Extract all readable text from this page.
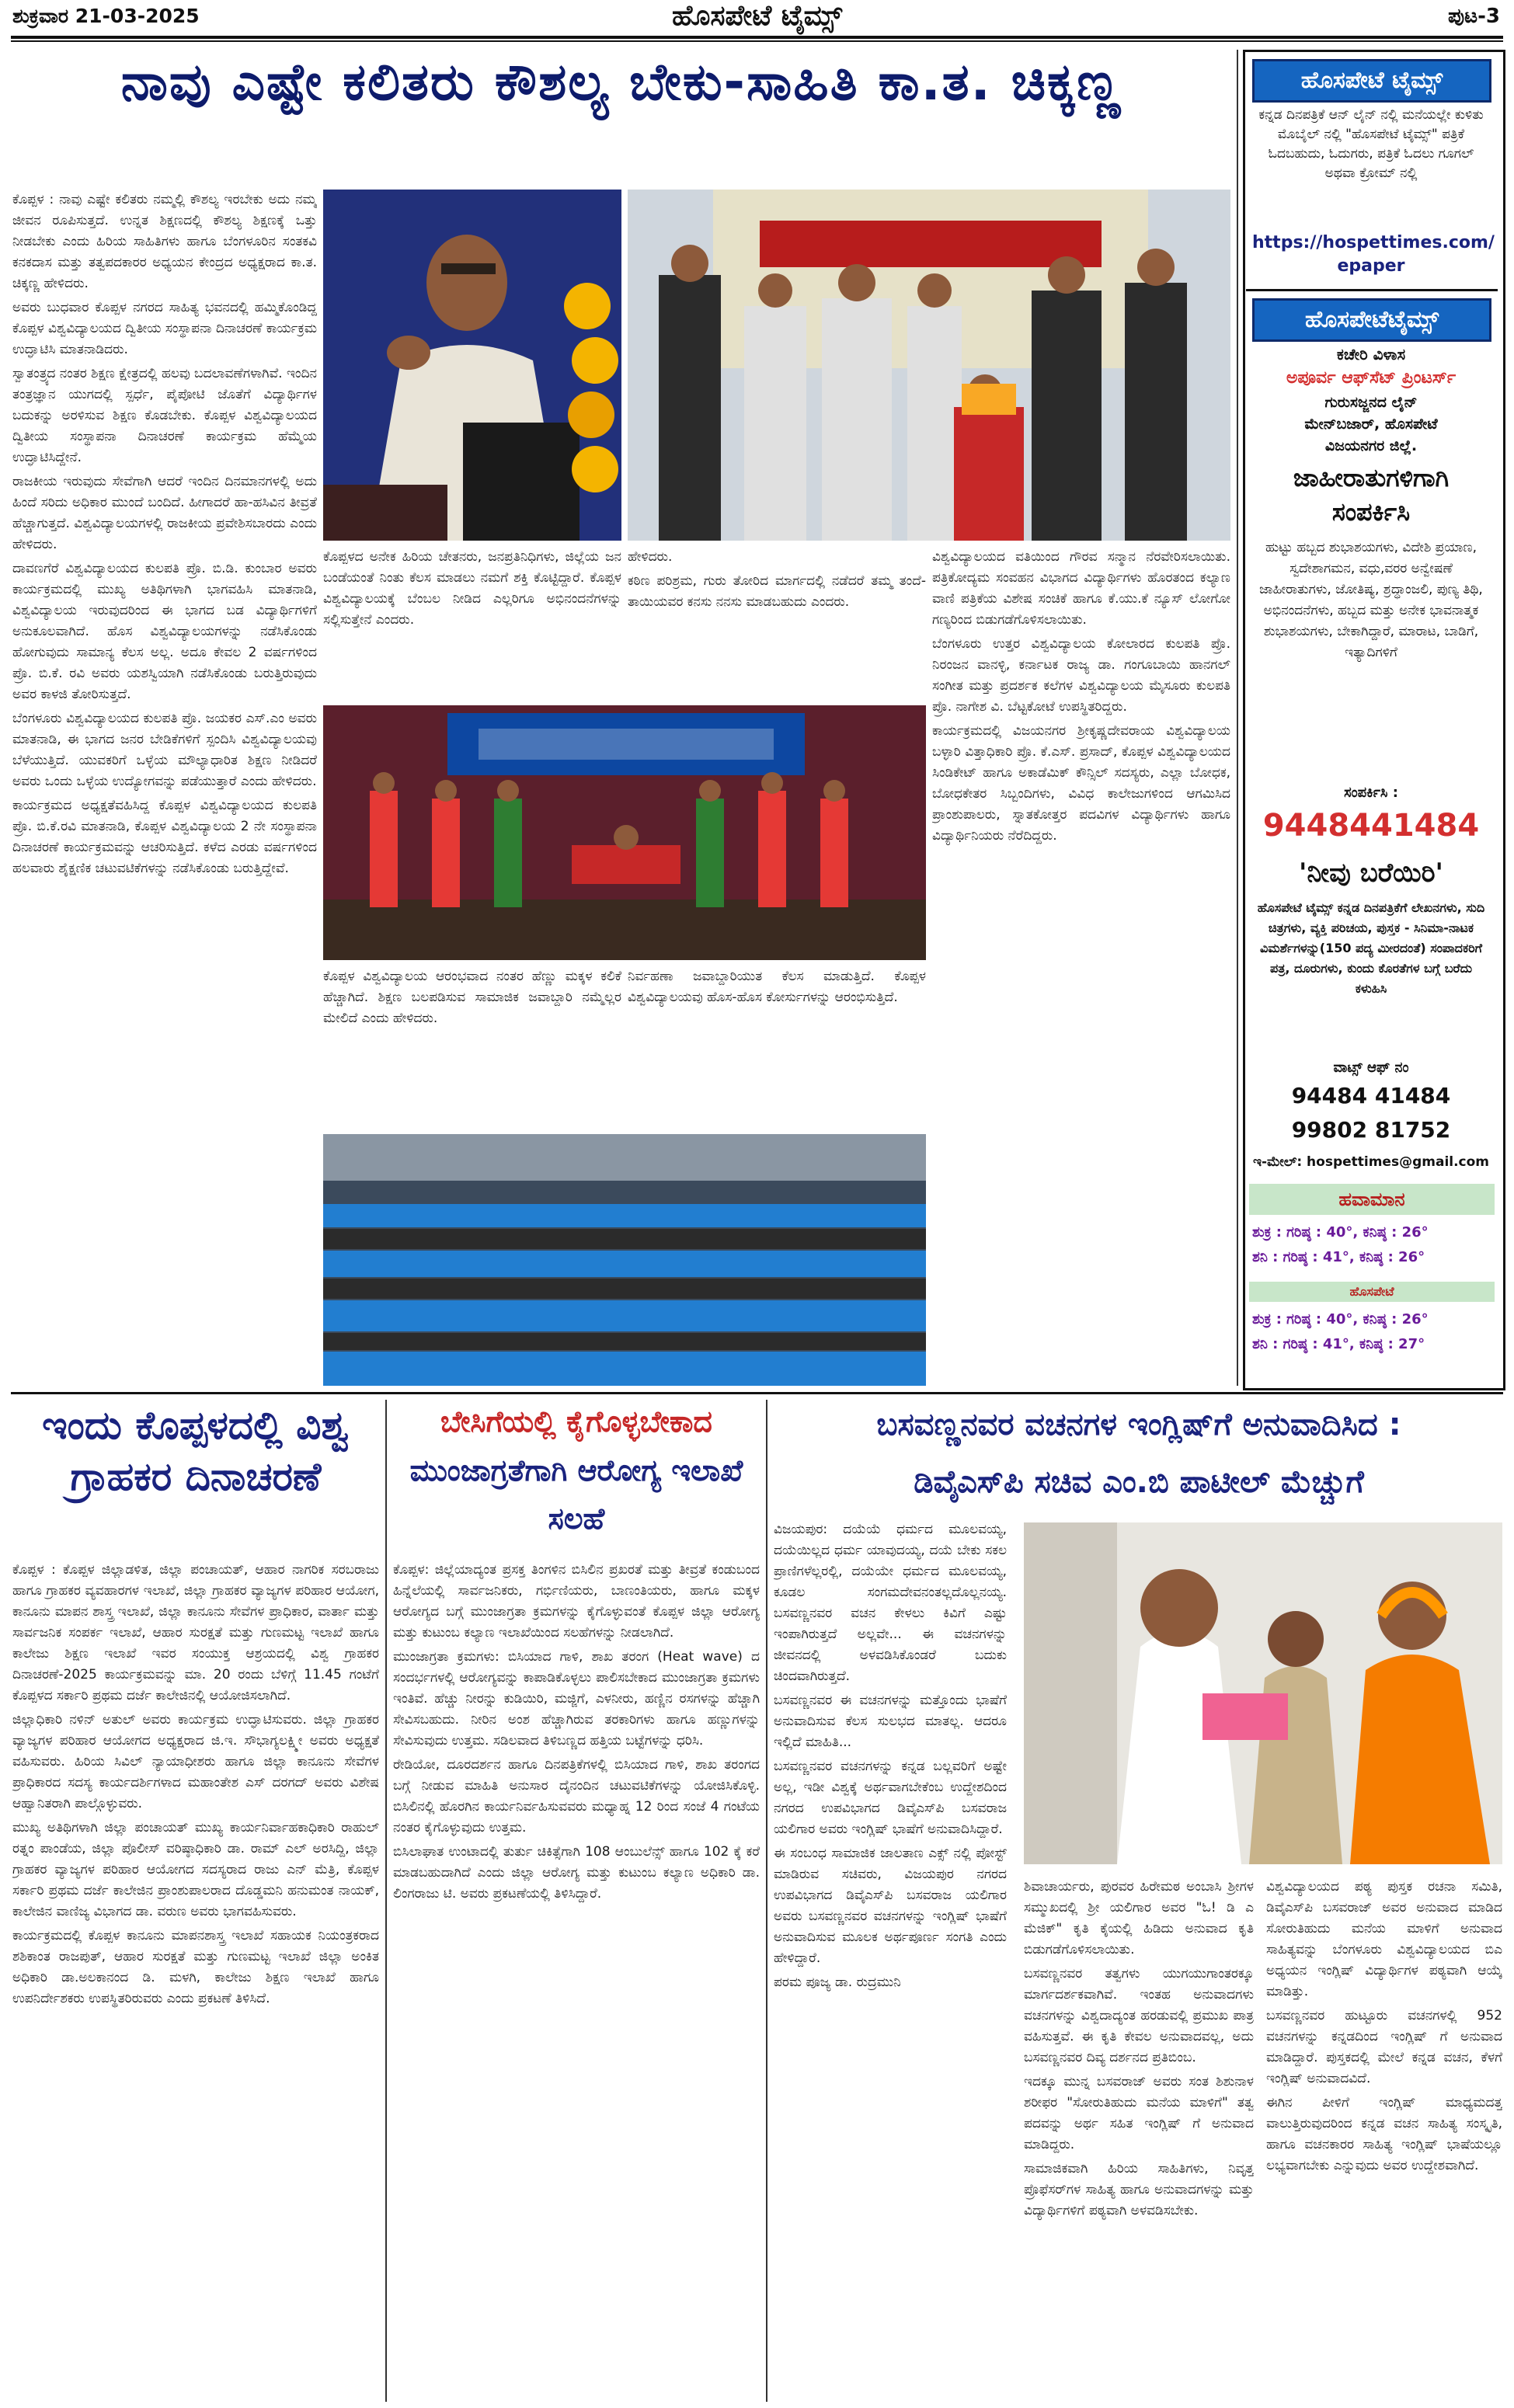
ಶುಕ್ರವಾರ 21-03-2025	ಹೊಸಪೇಟೆ ಟೈಮ್ಸ್	ಪುಟ-3
ನಾವು ಎಷ್ಟೇ ಕಲಿತರು ಕೌಶಲ್ಯ ಬೇಕು-ಸಾಹಿತಿ ಕಾ.ತ. ಚಿಕ್ಕಣ್ಣ

ಕೊಪ್ಪಳ : ನಾವು ಎಷ್ಟೇ ಕಲಿತರು ನಮ್ಮಲ್ಲಿ ಕೌಶಲ್ಯ ಇರಬೇಕು ಅದು ನಮ್ಮ ಜೀವನ ರೂಪಿಸುತ್ತದೆ. ಉನ್ನತ ಶಿಕ್ಷಣದಲ್ಲಿ ಕೌಶಲ್ಯ ಶಿಕ್ಷಣಕ್ಕೆ ಒತ್ತು ನೀಡಬೇಕು ಎಂದು ಹಿರಿಯ ಸಾಹಿತಿಗಳು ಹಾಗೂ ಬೆಂಗಳೂರಿನ ಸಂತಕವಿ ಕನಕದಾಸ ಮತ್ತು ತತ್ವಪದಕಾರರ ಅಧ್ಯಯನ ಕೇಂದ್ರದ ಅಧ್ಯಕ್ಷರಾದ ಕಾ.ತ. ಚಿಕ್ಕಣ್ಣ ಹೇಳಿದರು.

ಅವರು ಬುಧವಾರ ಕೊಪ್ಪಳ ನಗರದ ಸಾಹಿತ್ಯ ಭವನದಲ್ಲಿ ಹಮ್ಮಿಕೊಂಡಿದ್ದ ಕೊಪ್ಪಳ ವಿಶ್ವವಿದ್ಯಾಲಯದ ದ್ವಿತೀಯ ಸಂಸ್ಥಾಪನಾ ದಿನಾಚರಣೆ ಕಾರ್ಯಕ್ರಮ ಉದ್ಘಾಟಿಸಿ ಮಾತನಾಡಿದರು.

ಸ್ವಾತಂತ್ರ್ಯದ ನಂತರ ಶಿಕ್ಷಣ ಕ್ಷೇತ್ರದಲ್ಲಿ ಹಲವು ಬದಲಾವಣೆಗಳಾಗಿವೆ. ಇಂದಿನ ತಂತ್ರಜ್ಞಾನ ಯುಗದಲ್ಲಿ ಸ್ಪರ್ಧೆ, ಪೈಪೋಟಿ ಜೊತೆಗೆ ವಿದ್ಯಾರ್ಥಿಗಳ ಬದುಕನ್ನು ಅರಳಿಸುವ ಶಿಕ್ಷಣ ಕೊಡಬೇಕು. ಕೊಪ್ಪಳ ವಿಶ್ವವಿದ್ಯಾಲಯದ ದ್ವಿತೀಯ ಸಂಸ್ಥಾಪನಾ ದಿನಾಚರಣೆ ಕಾರ್ಯಕ್ರಮ ಹೆಮ್ಮೆಯ ಉದ್ಘಾಟಿಸಿದ್ದೇನೆ.

ರಾಜಕೀಯ ಇರುವುದು ಸೇವೆಗಾಗಿ ಆದರೆ ಇಂದಿನ ದಿನಮಾನಗಳಲ್ಲಿ ಅದು ಹಿಂದೆ ಸರಿದು ಅಧಿಕಾರ ಮುಂದೆ ಬಂದಿದೆ. ಹೀಗಾದರೆ ಹಾ-ಹಸಿವಿನ ತೀವ್ರತೆ ಹೆಚ್ಚಾಗುತ್ತದೆ. ವಿಶ್ವವಿದ್ಯಾಲಯಗಳಲ್ಲಿ ರಾಜಕೀಯ ಪ್ರವೇಶಿಸಬಾರದು ಎಂದು ಹೇಳಿದರು.

ದಾವಣಗೆರೆ ವಿಶ್ವವಿದ್ಯಾಲಯದ ಕುಲಪತಿ ಪ್ರೊ. ಬಿ.ಡಿ. ಕುಂಬಾರ ಅವರು ಕಾರ್ಯಕ್ರಮದಲ್ಲಿ ಮುಖ್ಯ ಅತಿಥಿಗಳಾಗಿ ಭಾಗವಹಿಸಿ ಮಾತನಾಡಿ, ವಿಶ್ವವಿದ್ಯಾಲಯ ಇರುವುದರಿಂದ ಈ ಭಾಗದ ಬಡ ವಿದ್ಯಾರ್ಥಿಗಳಿಗೆ ಅನುಕೂಲವಾಗಿದೆ. ಹೊಸ ವಿಶ್ವವಿದ್ಯಾಲಯಗಳನ್ನು ನಡೆಸಿಕೊಂಡು ಹೋಗುವುದು ಸಾಮಾನ್ಯ ಕೆಲಸ ಅಲ್ಲ. ಅದೂ ಕೇವಲ 2 ವರ್ಷಗಳಿಂದ ಪ್ರೊ. ಬಿ.ಕೆ. ರವಿ ಅವರು ಯಶಸ್ವಿಯಾಗಿ ನಡೆಸಿಕೊಂಡು ಬರುತ್ತಿರುವುದು ಅವರ ಕಾಳಜಿ ತೋರಿಸುತ್ತದೆ.

ಬೆಂಗಳೂರು ವಿಶ್ವವಿದ್ಯಾಲಯದ ಕುಲಪತಿ ಪ್ರೊ. ಜಯಕರ ಎಸ್.ಎಂ ಅವರು ಮಾತನಾಡಿ, ಈ ಭಾಗದ ಜನರ ಬೇಡಿಕೆಗಳಿಗೆ ಸ್ಪಂದಿಸಿ ವಿಶ್ವವಿದ್ಯಾಲಯವು ಬೆಳೆಯುತ್ತಿದೆ. ಯುವಕರಿಗೆ ಒಳ್ಳೆಯ ಮೌಲ್ಯಾಧಾರಿತ ಶಿಕ್ಷಣ ನೀಡಿದರೆ ಅವರು ಒಂದು ಒಳ್ಳೆಯ ಉದ್ಯೋಗವನ್ನು ಪಡೆಯುತ್ತಾರೆ ಎಂದು ಹೇಳಿದರು.

ಕಾರ್ಯಕ್ರಮದ ಅಧ್ಯಕ್ಷತೆವಹಿಸಿದ್ದ ಕೊಪ್ಪಳ ವಿಶ್ವವಿದ್ಯಾಲಯದ ಕುಲಪತಿ ಪ್ರೊ. ಬಿ.ಕೆ.ರವಿ ಮಾತನಾಡಿ, ಕೊಪ್ಪಳ ವಿಶ್ವವಿದ್ಯಾಲಯ 2 ನೇ ಸಂಸ್ಥಾಪನಾ ದಿನಾಚರಣೆ ಕಾರ್ಯಕ್ರಮವನ್ನು ಆಚರಿಸುತ್ತಿದೆ. ಕಳೆದ ಎರಡು ವರ್ಷಗಳಿಂದ ಹಲವಾರು ಶೈಕ್ಷಣಿಕ ಚಟುವಟಿಕೆಗಳನ್ನು ನಡೆಸಿಕೊಂಡು ಬರುತ್ತಿದ್ದೇವೆ.

ಕೊಪ್ಪಳದ ಅನೇಕ ಹಿರಿಯ ಚೇತನರು, ಜನಪ್ರತಿನಿಧಿಗಳು, ಜಿಲ್ಲೆಯ ಜನ ಬಂಡೆಯಂತೆ ನಿಂತು ಕೆಲಸ ಮಾಡಲು ನಮಗೆ ಶಕ್ತಿ ಕೊಟ್ಟಿದ್ದಾರೆ. ಕೊಪ್ಪಳ ವಿಶ್ವವಿದ್ಯಾಲಯಕ್ಕೆ ಬೆಂಬಲ ನೀಡಿದ ಎಲ್ಲರಿಗೂ ಅಭಿನಂದನೆಗಳನ್ನು ಸಲ್ಲಿಸುತ್ತೇನೆ ಎಂದರು.

ಹೇಳಿದರು.

ಕಠಿಣ ಪರಿಶ್ರಮ, ಗುರು ತೋರಿದ ಮಾರ್ಗದಲ್ಲಿ ನಡೆದರೆ ತಮ್ಮ ತಂದೆ-ತಾಯಿಯವರ ಕನಸು ನನಸು ಮಾಡಬಹುದು ಎಂದರು.

ವಿಶ್ವವಿದ್ಯಾಲಯದ ವತಿಯಿಂದ ಗೌರವ ಸನ್ಮಾನ ನೆರವೇರಿಸಲಾಯಿತು. ಪತ್ರಿಕೋದ್ಯಮ ಸಂವಹನ ವಿಭಾಗದ ವಿದ್ಯಾರ್ಥಿಗಳು ಹೊರತಂದ ಕಲ್ಯಾಣ ವಾಣಿ ಪತ್ರಿಕೆಯ ವಿಶೇಷ ಸಂಚಿಕೆ ಹಾಗೂ ಕೆ.ಯು.ಕೆ ನ್ಯೂಸ್ ಲೋಗೋ ಗಣ್ಯರಿಂದ ಬಿಡುಗಡೆಗೊಳಿಸಲಾಯಿತು.

ಬೆಂಗಳೂರು ಉತ್ತರ ವಿಶ್ವವಿದ್ಯಾಲಯ ಕೋಲಾರದ ಕುಲಪತಿ ಪ್ರೊ. ನಿರಂಜನ ವಾನಳ್ಳಿ, ಕರ್ನಾಟಕ ರಾಜ್ಯ ಡಾ. ಗಂಗೂಬಾಯಿ ಹಾನಗಲ್ ಸಂಗೀತ ಮತ್ತು ಪ್ರದರ್ಶಕ ಕಲೆಗಳ ವಿಶ್ವವಿದ್ಯಾಲಯ ಮೈಸೂರು ಕುಲಪತಿ ಪ್ರೊ. ನಾಗೇಶ ವಿ. ಬೆಟ್ಟಕೋಟೆ ಉಪಸ್ಥಿತರಿದ್ದರು.

ಕಾರ್ಯಕ್ರಮದಲ್ಲಿ ವಿಜಯನಗರ ಶ್ರೀಕೃಷ್ಣದೇವರಾಯ ವಿಶ್ವವಿದ್ಯಾಲಯ ಬಳ್ಳಾರಿ ವಿತ್ತಾಧಿಕಾರಿ ಪ್ರೊ. ಕೆ.ಎಸ್. ಪ್ರಸಾದ್, ಕೊಪ್ಪಳ ವಿಶ್ವವಿದ್ಯಾಲಯದ ಸಿಂಡಿಕೇಟ್ ಹಾಗೂ ಅಕಾಡೆಮಿಕ್ ಕೌನ್ಸಿಲ್ ಸದಸ್ಯರು, ಎಲ್ಲಾ ಬೋಧಕ, ಬೋಧಕೇತರ ಸಿಬ್ಬಂದಿಗಳು, ವಿವಿಧ ಕಾಲೇಜುಗಳಿಂದ ಆಗಮಿಸಿದ ಪ್ರಾಂಶುಪಾಲರು, ಸ್ನಾತಕೋತ್ತರ ಪದವಿಗಳ ವಿದ್ಯಾರ್ಥಿಗಳು ಹಾಗೂ ವಿದ್ಯಾರ್ಥಿನಿಯರು ನೆರೆದಿದ್ದರು.

ಕೊಪ್ಪಳ ವಿಶ್ವವಿದ್ಯಾಲಯ ಆರಂಭವಾದ ನಂತರ ಹೆಣ್ಣು ಮಕ್ಕಳ ಕಲಿಕೆ ಹೆಚ್ಚಾಗಿದೆ. ಶಿಕ್ಷಣ ಬಲಪಡಿಸುವ ಸಾಮಾಜಿಕ ಜವಾಬ್ದಾರಿ ನಮ್ಮೆಲ್ಲರ ಮೇಲಿದೆ ಎಂದು ಹೇಳಿದರು.

ನಿರ್ವಹಣಾ ಜವಾಬ್ದಾರಿಯುತ ಕೆಲಸ ಮಾಡುತ್ತಿದೆ. ಕೊಪ್ಪಳ ವಿಶ್ವವಿದ್ಯಾಲಯವು ಹೊಸ-ಹೊಸ ಕೋರ್ಸುಗಳನ್ನು ಆರಂಭಿಸುತ್ತಿದೆ.

ಹೊಸಪೇಟೆ ಟೈಮ್ಸ್
ಕನ್ನಡ ದಿನಪತ್ರಿಕೆ ಆನ್ ಲೈನ್ ನಲ್ಲಿ ಮನೆಯಲ್ಲೇ ಕುಳಿತು ಮೊಬೈಲ್ ನಲ್ಲಿ "ಹೊಸಪೇಟೆ ಟೈಮ್ಸ್" ಪತ್ರಿಕೆ ಓದಬಹುದು, ಓದುಗರು, ಪತ್ರಿಕೆ ಓದಲು ಗೂಗಲ್ ಅಥವಾ ಕ್ರೋಮ್ ನಲ್ಲಿ
https://hospettimes.com/
epaper
ಹೊಸಪೇಟೆಟೈಮ್ಸ್
ಕಚೇರಿ ವಿಳಾಸ
ಅಪೂರ್ವ ಆಫ್‌ಸೆಟ್ ಪ್ರಿಂಟರ್ಸ್
ಗುರುಸಜ್ಜನದ ಲೈನ್
ಮೇನ್‌ಬಜಾರ್, ಹೊಸಪೇಟೆ
ವಿಜಯನಗರ ಜಿಲ್ಲೆ.
ಜಾಹೀರಾತುಗಳಿಗಾಗಿ
ಸಂಪರ್ಕಿಸಿ
ಹುಟ್ಟು ಹಬ್ಬದ ಶುಭಾಶಯಗಳು, ವಿದೇಶಿ ಪ್ರಯಾಣ, ಸ್ವದೇಶಾಗಮನ, ವಧು,ವರರ ಅನ್ವೇಷಣೆ ಜಾಹೀರಾತುಗಳು, ಜೋತಿಷ್ಯ, ಶ್ರದ್ಧಾಂಜಲಿ, ಪುಣ್ಯ ತಿಥಿ, ಅಭಿನಂದನೆಗಳು, ಹಬ್ಬದ ಮತ್ತು ಅನೇಕ ಭಾವನಾತ್ಮಕ ಶುಭಾಶಯಗಳು, ಬೇಕಾಗಿದ್ದಾರೆ, ಮಾರಾಟ, ಬಾಡಿಗೆ, ಇತ್ಯಾದಿಗಳಿಗೆ
ಸಂಪರ್ಕಿಸಿ :
9448441484
'ನೀವು ಬರೆಯಿರಿ'
ಹೊಸಪೇಟೆ ಟೈಮ್ಸ್ ಕನ್ನಡ ದಿನಪತ್ರಿಕೆಗೆ ಲೇಖನಗಳು, ಸುದಿ ಚಿತ್ರಗಳು, ವ್ಯಕ್ತಿ ಪರಿಚಯ, ಪುಸ್ತಕ - ಸಿನಿಮಾ-ನಾಟಕ ವಿಮರ್ಶೆಗಳನ್ನು(150 ಪದ್ಯ ಮೀರದಂತೆ) ಸಂಪಾದಕರಿಗೆ ಪತ್ರ, ದೂರುಗಳು, ಕುಂದು ಕೊರತೆಗಳ ಬಗ್ಗೆ ಬರೆದು ಕಳುಹಿಸಿ
ವಾಟ್ಸ್ ಆಫ್ ನಂ
94484 41484
99802 81752
ಇ-ಮೇಲ್: hospettimes@gmail.com
ಹವಾಮಾನ
ಶುಕ್ರ : ಗರಿಷ್ಠ : 40°, ಕನಿಷ್ಠ : 26°
ಶನಿ : ಗರಿಷ್ಠ : 41°, ಕನಿಷ್ಠ : 26°
ಹೊಸಪೇಟೆ
ಶುಕ್ರ : ಗರಿಷ್ಠ : 40°, ಕನಿಷ್ಠ : 26°
ಶನಿ : ಗರಿಷ್ಠ : 41°, ಕನಿಷ್ಠ : 27°
ಇಂದು ಕೊಪ್ಪಳದಲ್ಲಿ ವಿಶ್ವ ಗ್ರಾಹಕರ ದಿನಾಚರಣೆ

ಕೊಪ್ಪಳ : ಕೊಪ್ಪಳ ಜಿಲ್ಲಾಡಳಿತ, ಜಿಲ್ಲಾ ಪಂಚಾಯತ್, ಆಹಾರ ನಾಗರಿಕ ಸರಬರಾಜು ಹಾಗೂ ಗ್ರಾಹಕರ ವ್ಯವಹಾರಗಳ ಇಲಾಖೆ, ಜಿಲ್ಲಾ ಗ್ರಾಹಕರ ವ್ಯಾಜ್ಯಗಳ ಪರಿಹಾರ ಆಯೋಗ, ಕಾನೂನು ಮಾಪನ ಶಾಸ್ತ್ರ ಇಲಾಖೆ, ಜಿಲ್ಲಾ ಕಾನೂನು ಸೇವೆಗಳ ಪ್ರಾಧಿಕಾರ, ವಾರ್ತಾ ಮತ್ತು ಸಾರ್ವಜನಿಕ ಸಂಪರ್ಕ ಇಲಾಖೆ, ಆಹಾರ ಸುರಕ್ಷತೆ ಮತ್ತು ಗುಣಮಟ್ಟ ಇಲಾಖೆ ಹಾಗೂ ಕಾಲೇಜು ಶಿಕ್ಷಣ ಇಲಾಖೆ ಇವರ ಸಂಯುಕ್ತ ಆಶ್ರಯದಲ್ಲಿ ವಿಶ್ವ ಗ್ರಾಹಕರ ದಿನಾಚರಣೆ-2025 ಕಾರ್ಯಕ್ರಮವನ್ನು ಮಾ. 20 ರಂದು ಬೆಳಿಗ್ಗೆ 11.45 ಗಂಟೆಗೆ ಕೊಪ್ಪಳದ ಸರ್ಕಾರಿ ಪ್ರಥಮ ದರ್ಜೆ ಕಾಲೇಜಿನಲ್ಲಿ ಆಯೋಜಿಸಲಾಗಿದೆ.

ಜಿಲ್ಲಾಧಿಕಾರಿ ನಳಿನ್ ಅತುಲ್ ಅವರು ಕಾರ್ಯಕ್ರಮ ಉದ್ಘಾಟಿಸುವರು. ಜಿಲ್ಲಾ ಗ್ರಾಹಕರ ವ್ಯಾಜ್ಯಗಳ ಪರಿಹಾರ ಆಯೋಗದ ಅಧ್ಯಕ್ಷರಾದ ಜಿ.ಇ. ಸೌಭಾಗ್ಯಲಕ್ಷ್ಮೀ ಅವರು ಅಧ್ಯಕ್ಷತೆ ವಹಿಸುವರು. ಹಿರಿಯ ಸಿವಿಲ್ ನ್ಯಾಯಾಧೀಶರು ಹಾಗೂ ಜಿಲ್ಲಾ ಕಾನೂನು ಸೇವೆಗಳ ಪ್ರಾಧಿಕಾರದ ಸದಸ್ಯ ಕಾರ್ಯದರ್ಶಿಗಳಾದ ಮಹಾಂತೇಶ ಎಸ್ ದರಗದ್ ಅವರು ವಿಶೇಷ ಆಹ್ವಾನಿತರಾಗಿ ಪಾಲ್ಗೊಳ್ಳುವರು.

ಮುಖ್ಯ ಅತಿಥಿಗಳಾಗಿ ಜಿಲ್ಲಾ ಪಂಚಾಯತ್ ಮುಖ್ಯ ಕಾರ್ಯನಿರ್ವಾಹಕಾಧಿಕಾರಿ ರಾಹುಲ್ ರತ್ನಂ ಪಾಂಡೆಯ, ಜಿಲ್ಲಾ ಪೊಲೀಸ್ ವರಿಷ್ಠಾಧಿಕಾರಿ ಡಾ. ರಾಮ್ ಎಲ್ ಅರಸಿದ್ದಿ, ಜಿಲ್ಲಾ ಗ್ರಾಹಕರ ವ್ಯಾಜ್ಯಗಳ ಪರಿಹಾರ ಆಯೋಗದ ಸದಸ್ಯರಾದ ರಾಜು ಎನ್ ಮೆತ್ರಿ, ಕೊಪ್ಪಳ ಸರ್ಕಾರಿ ಪ್ರಥಮ ದರ್ಜೆ ಕಾಲೇಜಿನ ಪ್ರಾಂಶುಪಾಲರಾದ ದೊಡ್ಡಮನಿ ಹನುಮಂತ ನಾಯಕ್, ಕಾಲೇಜಿನ ವಾಣಿಜ್ಯ ವಿಭಾಗದ ಡಾ. ವರುಣ ಅವರು ಭಾಗವಹಿಸುವರು.

ಕಾರ್ಯಕ್ರಮದಲ್ಲಿ ಕೊಪ್ಪಳ ಕಾನೂನು ಮಾಪನಶಾಸ್ತ್ರ ಇಲಾಖೆ ಸಹಾಯಕ ನಿಯಂತ್ರಕರಾದ ಶಶಿಕಾಂತ ರಾಜಪುತ್, ಆಹಾರ ಸುರಕ್ಷತೆ ಮತ್ತು ಗುಣಮಟ್ಟ ಇಲಾಖೆ ಜಿಲ್ಲಾ ಅಂಕಿತ ಅಧಿಕಾರಿ ಡಾ.ಅಲಕಾನಂದ ಡಿ. ಮಳಗಿ, ಕಾಲೇಜು ಶಿಕ್ಷಣ ಇಲಾಖೆ ಹಾಗೂ ಉಪನಿರ್ದೇಶಕರು ಉಪಸ್ಥಿತರಿರುವರು ಎಂದು ಪ್ರಕಟಣೆ ತಿಳಿಸಿದೆ.

ಬೇಸಿಗೆಯಲ್ಲಿ ಕೈಗೊಳ್ಳಬೇಕಾದ
ಮುಂಜಾಗ್ರತೆಗಾಗಿ ಆರೋಗ್ಯ ಇಲಾಖೆ ಸಲಹೆ

ಕೊಪ್ಪಳ: ಜಿಲ್ಲೆಯಾದ್ಯಂತ ಪ್ರಸಕ್ತ ತಿಂಗಳಿನ ಬಿಸಿಲಿನ ಪ್ರಖರತೆ ಮತ್ತು ತೀವ್ರತೆ ಕಂಡುಬಂದ ಹಿನ್ನೆಲೆಯಲ್ಲಿ ಸಾರ್ವಜನಿಕರು, ಗರ್ಭಿಣಿಯರು, ಬಾಣಂತಿಯರು, ಹಾಗೂ ಮಕ್ಕಳ ಆರೋಗ್ಯದ ಬಗ್ಗೆ ಮುಂಜಾಗ್ರತಾ ಕ್ರಮಗಳನ್ನು ಕೈಗೊಳ್ಳುವಂತೆ ಕೊಪ್ಪಳ ಜಿಲ್ಲಾ ಆರೋಗ್ಯ ಮತ್ತು ಕುಟುಂಬ ಕಲ್ಯಾಣ ಇಲಾಖೆಯಿಂದ ಸಲಹೆಗಳನ್ನು ನೀಡಲಾಗಿದೆ.

ಮುಂಜಾಗ್ರತಾ ಕ್ರಮಗಳು: ಬಿಸಿಯಾದ ಗಾಳಿ, ಶಾಖ ತರಂಗ (Heat wave) ದ ಸಂದರ್ಭಗಳಲ್ಲಿ ಆರೋಗ್ಯವನ್ನು ಕಾಪಾಡಿಕೊಳ್ಳಲು ಪಾಲಿಸಬೇಕಾದ ಮುಂಜಾಗ್ರತಾ ಕ್ರಮಗಳು ಇಂತಿವೆ. ಹೆಚ್ಚು ನೀರನ್ನು ಕುಡಿಯಿರಿ, ಮಜ್ಜಿಗೆ, ಎಳನೀರು, ಹಣ್ಣಿನ ರಸಗಳನ್ನು ಹೆಚ್ಚಾಗಿ ಸೇವಿಸಬಹುದು. ನೀರಿನ ಅಂಶ ಹೆಚ್ಚಾಗಿರುವ ತರಕಾರಿಗಳು ಹಾಗೂ ಹಣ್ಣುಗಳನ್ನು ಸೇವಿಸುವುದು ಉತ್ತಮ. ಸಡಿಲವಾದ ತಿಳಿಬಣ್ಣದ ಹತ್ತಿಯ ಬಟ್ಟೆಗಳನ್ನು ಧರಿಸಿ.

ರೇಡಿಯೋ, ದೂರದರ್ಶನ ಹಾಗೂ ದಿನಪತ್ರಿಕೆಗಳಲ್ಲಿ ಬಿಸಿಯಾದ ಗಾಳಿ, ಶಾಖ ತರಂಗದ ಬಗ್ಗೆ ನೀಡುವ ಮಾಹಿತಿ ಅನುಸಾರ ದೈನಂದಿನ ಚಟುವಟಿಕೆಗಳನ್ನು ಯೋಜಿಸಿಕೊಳ್ಳಿ. ಬಿಸಿಲಿನಲ್ಲಿ ಹೊರಗಿನ ಕಾರ್ಯನಿರ್ವಹಿಸುವವರು ಮಧ್ಯಾಹ್ನ 12 ರಿಂದ ಸಂಜೆ 4 ಗಂಟೆಯ ನಂತರ ಕೈಗೊಳ್ಳುವುದು ಉತ್ತಮ.

ಬಿಸಿಲಾಘಾತ ಉಂಟಾದಲ್ಲಿ ತುರ್ತು ಚಿಕಿತ್ಸೆಗಾಗಿ 108 ಆಂಬುಲೆನ್ಸ್ ಹಾಗೂ 102 ಕ್ಕೆ ಕರೆ ಮಾಡಬಹುದಾಗಿದೆ ಎಂದು ಜಿಲ್ಲಾ ಆರೋಗ್ಯ ಮತ್ತು ಕುಟುಂಬ ಕಲ್ಯಾಣ ಅಧಿಕಾರಿ ಡಾ. ಲಿಂಗರಾಜು ಟಿ. ಅವರು ಪ್ರಕಟಣೆಯಲ್ಲಿ ತಿಳಿಸಿದ್ದಾರೆ.

ಬಸವಣ್ಣನವರ ವಚನಗಳ ಇಂಗ್ಲಿಷ್‌ಗೆ ಅನುವಾದಿಸಿದ :
ಡಿವೈಎಸ್‌ಪಿ ಸಚಿವ ಎಂ.ಬಿ ಪಾಟೀಲ್ ಮೆಚ್ಚುಗೆ

ವಿಜಯಪುರ: ದಯೆಯೆ ಧರ್ಮದ ಮೂಲವಯ್ಯ, ದಯೆಯಿಲ್ಲದ ಧರ್ಮ ಯಾವುದಯ್ಯ, ದಯೆ ಬೇಕು ಸಕಲ ಪ್ರಾಣಿಗಳೆಲ್ಲರಲ್ಲಿ, ದಯೆಯೇ ಧರ್ಮದ ಮೂಲವಯ್ಯ, ಕೂಡಲ ಸಂಗಮದೇವನಂತಲ್ಲದೊಲ್ಲನಯ್ಯ. ಬಸವಣ್ಣನವರ ವಚನ ಕೇಳಲು ಕಿವಿಗೆ ಎಷ್ಟು ಇಂಪಾಗಿರುತ್ತದೆ ಅಲ್ಲವೇ... ಈ ವಚನಗಳನ್ನು ಜೀವನದಲ್ಲಿ ಅಳವಡಿಸಿಕೊಂಡರೆ ಬದುಕು ಚಿಂದವಾಗಿರುತ್ತದೆ.

ಬಸವಣ್ಣನವರ ಈ ವಚನಗಳನ್ನು ಮತ್ತೊಂದು ಭಾಷೆಗೆ ಅನುವಾದಿಸುವ ಕೆಲಸ ಸುಲಭದ ಮಾತಲ್ಲ. ಆದರೂ ಇಲ್ಲಿದೆ ಮಾಹಿತಿ...

ಬಸವಣ್ಣನವರ ವಚನಗಳನ್ನು ಕನ್ನಡ ಬಲ್ಲವರಿಗೆ ಅಷ್ಟೇ ಅಲ್ಲ, ಇಡೀ ವಿಶ್ವಕ್ಕೆ ಅರ್ಥವಾಗಬೇಕೆಂಬ ಉದ್ದೇಶದಿಂದ ನಗರದ ಉಪವಿಭಾಗದ ಡಿವೈಎಸ್‌ಪಿ ಬಸವರಾಜ ಯಲಿಗಾರ ಅವರು ಇಂಗ್ಲಿಷ್ ಭಾಷೆಗೆ ಅನುವಾದಿಸಿದ್ದಾರೆ.

ಈ ಸಂಬಂಧ ಸಾಮಾಜಿಕ ಜಾಲತಾಣ ಎಕ್ಸ್ ನಲ್ಲಿ ಪೋಸ್ಟ್ ಮಾಡಿರುವ ಸಚಿವರು, ವಿಜಯಪುರ ನಗರದ ಉಪವಿಭಾಗದ ಡಿವೈಎಸ್‌ಪಿ ಬಸವರಾಜ ಯಲಿಗಾರ ಅವರು ಬಸವಣ್ಣನವರ ವಚನಗಳನ್ನು ಇಂಗ್ಲಿಷ್ ಭಾಷೆಗೆ ಅನುವಾದಿಸುವ ಮೂಲಕ ಅರ್ಥಪೂರ್ಣ ಸಂಗತಿ ಎಂದು ಹೇಳಿದ್ದಾರೆ.

ಪರಮ ಪೂಜ್ಯ ಡಾ. ರುದ್ರಮುನಿ

ಶಿವಾಚಾರ್ಯರು, ಪುರವರ ಹಿರೇಮಠ ಅಂಬಾಸಿ ಶ್ರೀಗಳ ಸಮ್ಮುಖದಲ್ಲಿ ಶ್ರೀ ಯಲಿಗಾರ ಅವರ "ಓ! ಡಿ ಎ ಮೆಜಿಕ್" ಕೃತಿ ಕೈಯಲ್ಲಿ ಹಿಡಿದು ಅನುವಾದ ಕೃತಿ ಬಿಡುಗಡೆಗೊಳಿಸಲಾಯಿತು.

ಬಸವಣ್ಣನವರ ತತ್ವಗಳು ಯುಗಯುಗಾಂತರಕ್ಕೂ ಮಾರ್ಗದರ್ಶಕವಾಗಿವೆ. ಇಂತಹ ಅನುವಾದಗಳು ವಚನಗಳನ್ನು ವಿಶ್ವದಾದ್ಯಂತ ಹರಡುವಲ್ಲಿ ಪ್ರಮುಖ ಪಾತ್ರ ವಹಿಸುತ್ತವೆ. ಈ ಕೃತಿ ಕೇವಲ ಅನುವಾದವಲ್ಲ, ಅದು ಬಸವಣ್ಣನವರ ದಿವ್ಯ ದರ್ಶನದ ಪ್ರತಿಬಿಂಬ.

ಇದಕ್ಕೂ ಮುನ್ನ ಬಸವರಾಜ್ ಅವರು ಸಂತ ಶಿಶುನಾಳ ಶರೀಫರ "ಸೋರುತಿಹುದು ಮನೆಯ ಮಾಳಿಗೆ" ತತ್ವ ಪದವನ್ನು ಅರ್ಥ ಸಹಿತ ಇಂಗ್ಲಿಷ್ ಗೆ ಅನುವಾದ ಮಾಡಿದ್ದರು.

ಸಾಮಾಜಿಕವಾಗಿ ಹಿರಿಯ ಸಾಹಿತಿಗಳು, ನಿವೃತ್ತ ಪ್ರೊಫೆಸರ್‌ಗಳ ಸಾಹಿತ್ಯ ಹಾಗೂ ಅನುವಾದಗಳನ್ನು ಮತ್ತು ವಿದ್ಯಾರ್ಥಿಗಳಿಗೆ ಪಠ್ಯವಾಗಿ ಅಳವಡಿಸಬೇಕು.

ವಿಶ್ವವಿದ್ಯಾಲಯದ ಪಠ್ಯ ಪುಸ್ತಕ ರಚನಾ ಸಮಿತಿ, ಡಿವೈಎಸ್‌ಪಿ ಬಸವರಾಜ್ ಅವರ ಅನುವಾದ ಮಾಡಿದ ಸೋರುತಿಹುದು ಮನೆಯ ಮಾಳಿಗೆ ಅನುವಾದ ಸಾಹಿತ್ಯವನ್ನು ಬೆಂಗಳೂರು ವಿಶ್ವವಿದ್ಯಾಲಯದ ಬಿಎ ಅಧ್ಯಯನ ಇಂಗ್ಲಿಷ್ ವಿದ್ಯಾರ್ಥಿಗಳ ಪಠ್ಯವಾಗಿ ಆಯ್ಕೆ ಮಾಡಿತ್ತು.

ಬಸವಣ್ಣನವರ ಹುಟ್ಟೂರು ವಚನಗಳಲ್ಲಿ 952 ವಚನಗಳನ್ನು ಕನ್ನಡದಿಂದ ಇಂಗ್ಲಿಷ್ ಗೆ ಅನುವಾದ ಮಾಡಿದ್ದಾರೆ. ಪುಸ್ತಕದಲ್ಲಿ ಮೇಲೆ ಕನ್ನಡ ವಚನ, ಕೆಳಗೆ ಇಂಗ್ಲಿಷ್ ಅನುವಾದವಿದೆ.

ಈಗಿನ ಪೀಳಿಗೆ ಇಂಗ್ಲಿಷ್ ಮಾಧ್ಯಮದತ್ತ ವಾಲುತ್ತಿರುವುದರಿಂದ ಕನ್ನಡ ವಚನ ಸಾಹಿತ್ಯ ಸಂಸ್ಕೃತಿ, ಹಾಗೂ ವಚನಕಾರರ ಸಾಹಿತ್ಯ ಇಂಗ್ಲಿಷ್ ಭಾಷೆಯಲ್ಲೂ ಲಭ್ಯವಾಗಬೇಕು ಎನ್ನುವುದು ಅವರ ಉದ್ದೇಶವಾಗಿದೆ.
